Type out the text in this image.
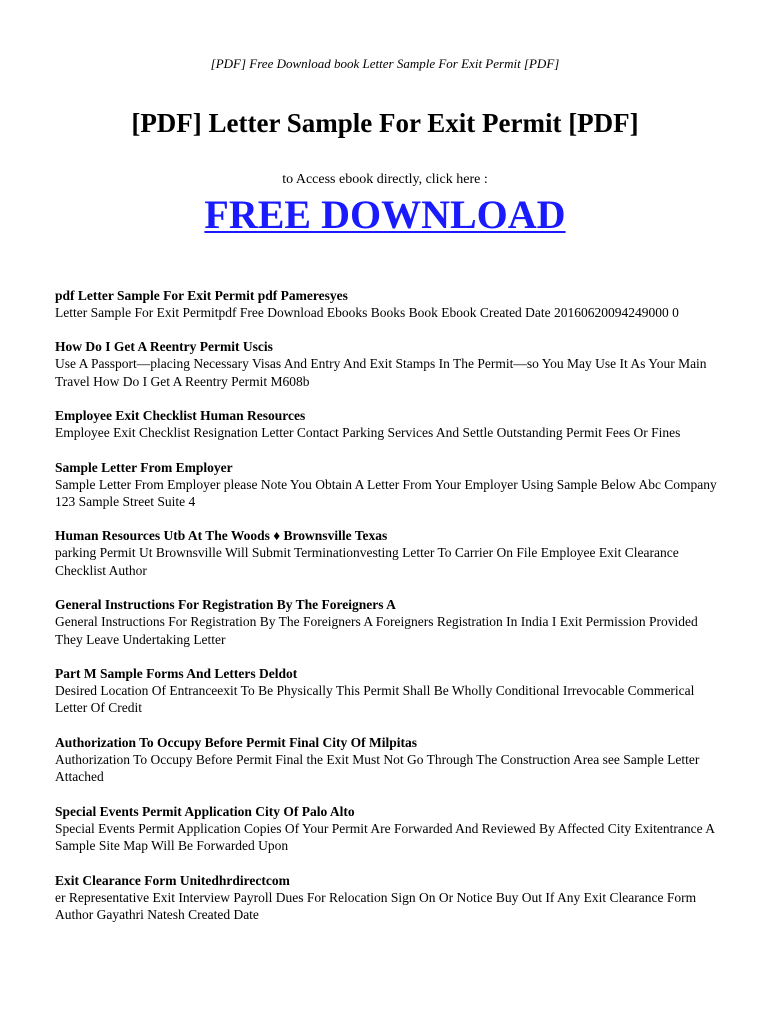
[PDF] Free Download book Letter Sample For Exit Permit [PDF]
[PDF] Letter Sample For Exit Permit [PDF]
to Access ebook directly, click here :
FREE DOWNLOAD

pdf Letter Sample For Exit Permit pdf Pameresyes

Letter Sample For Exit Permitpdf Free Download Ebooks Books Book Ebook Created Date 20160620094249000 0

How Do I Get A Reentry Permit Uscis

Use A Passport—placing Necessary Visas And Entry And Exit Stamps In The Permit—so You May Use It As Your Main Travel How Do I Get A Reentry Permit M608b

Employee Exit Checklist Human Resources

Employee Exit Checklist Resignation Letter Contact Parking Services And Settle Outstanding Permit Fees Or Fines

Sample Letter From Employer

Sample Letter From Employer please Note You Obtain A Letter From Your Employer Using Sample Below Abc Company 123 Sample Street Suite 4

Human Resources Utb At The Woods ♦ Brownsville Texas

parking Permit Ut Brownsville Will Submit Terminationvesting Letter To Carrier On File Employee Exit Clearance Checklist Author

General Instructions For Registration By The Foreigners A

General Instructions For Registration By The Foreigners A Foreigners Registration In India I Exit Permission Provided They Leave Undertaking Letter

Part M Sample Forms And Letters Deldot

Desired Location Of Entranceexit To Be Physically This Permit Shall Be Wholly Conditional Irrevocable Commerical Letter Of Credit

Authorization To Occupy Before Permit Final City Of Milpitas

Authorization To Occupy Before Permit Final the Exit Must Not Go Through The Construction Area see Sample Letter Attached

Special Events Permit Application City Of Palo Alto

Special Events Permit Application Copies Of Your Permit Are Forwarded And Reviewed By Affected City Exitentrance A Sample Site Map Will Be Forwarded Upon

Exit Clearance Form Unitedhrdirectcom

er Representative Exit Interview Payroll Dues For Relocation Sign On Or Notice Buy Out If Any Exit Clearance Form Author Gayathri Natesh Created Date
